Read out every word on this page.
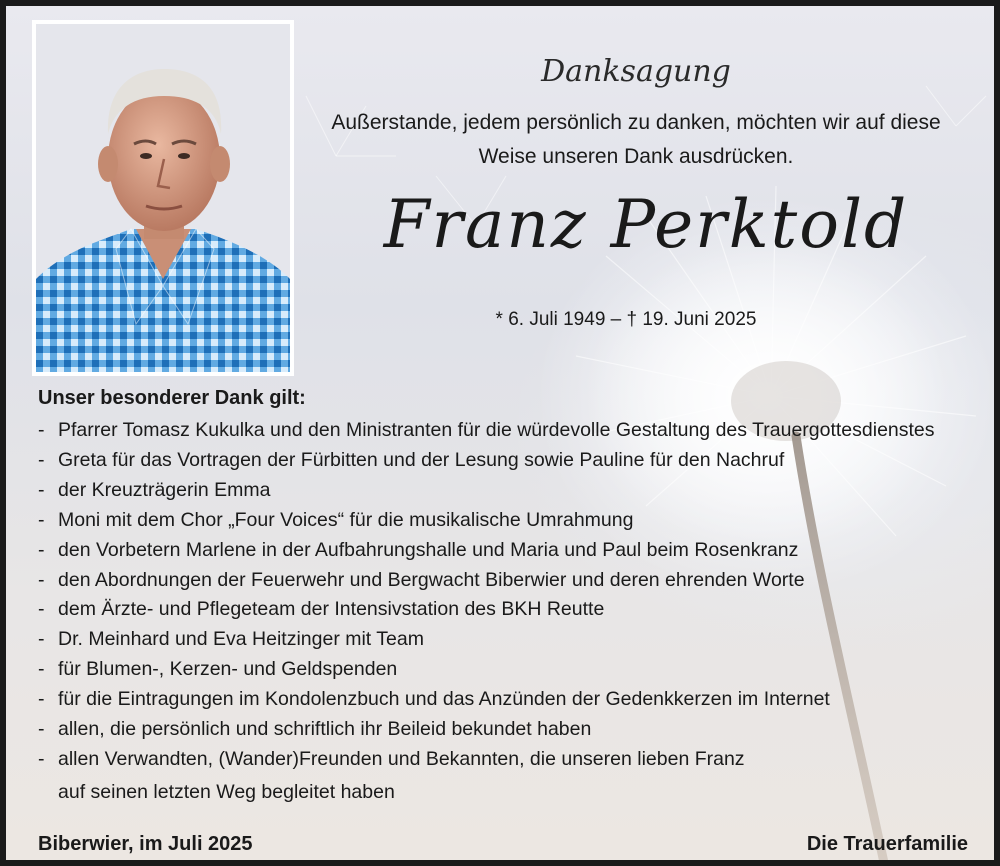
Danksagung
Außerstande, jedem persönlich zu danken, möchten wir auf diese
Weise unseren Dank ausdrücken.
Franz Perktold
* 6. Juli 1949 – † 19. Juni 2025
Unser besonderer Dank gilt:
- Pfarrer Tomasz Kukulka und den Ministranten für die würdevolle Gestaltung des Trauergottesdienstes
- Greta für das Vortragen der Fürbitten und der Lesung sowie Pauline für den Nachruf
- der Kreuzträgerin Emma
- Moni mit dem Chor „Four Voices“ für die musikalische Umrahmung
- den Vorbetern Marlene in der Aufbahrungshalle und Maria und Paul beim Rosenkranz
- den Abordnungen der Feuerwehr und Bergwacht Biberwier und deren ehrenden Worte
- dem Ärzte- und Pflegeteam der Intensivstation des BKH Reutte
- Dr. Meinhard und Eva Heitzinger mit Team
- für Blumen-, Kerzen- und Geldspenden
- für die Eintragungen im Kondolenzbuch und das Anzünden der Gedenkkerzen im Internet
- allen, die persönlich und schriftlich ihr Beileid bekundet haben
- allen Verwandten, (Wander)Freunden und Bekannten, die unseren lieben Franz
auf seinen letzten Weg begleitet haben
Biberwier, im Juli 2025	Die Trauerfamilie
